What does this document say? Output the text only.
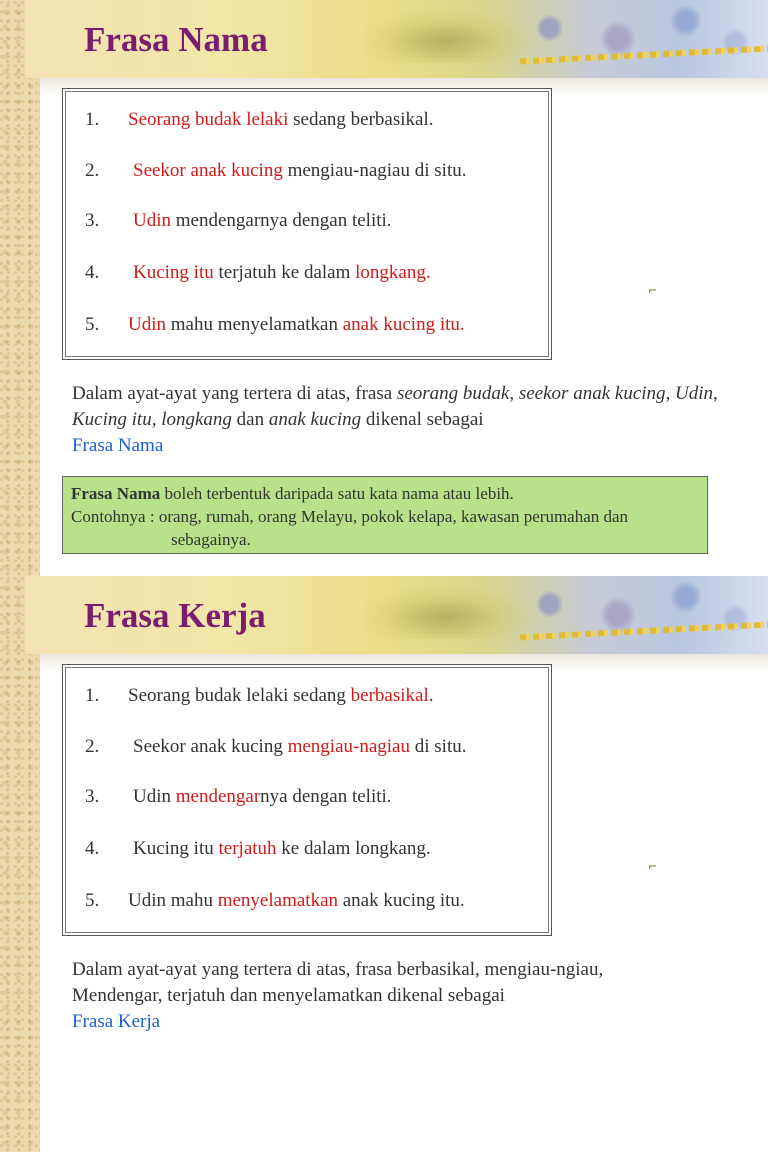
Frasa Nama
1. Seorang budak lelaki sedang berbasikal.
2. Seekor anak kucing mengiau-nagiau di situ.
3. Udin mendengarnya dengan teliti.
4. Kucing itu terjatuh ke dalam longkang.
5. Udin mahu menyelamatkan anak kucing itu.
⌐

Dalam ayat-ayat yang tertera di atas, frasa seorang budak, seekor anak kucing, Udin, Kucing itu, longkang dan anak kucing dikenal sebagai
Frasa Nama

Frasa Nama boleh terbentuk daripada satu kata nama atau lebih.
Contohnya : orang, rumah, orang Melayu, pokok kelapa, kawasan perumahan dan
sebagainya.
Frasa Kerja
1. Seorang budak lelaki sedang berbasikal.
2. Seekor anak kucing mengiau-nagiau di situ.
3. Udin mendengarnya dengan teliti.
4. Kucing itu terjatuh ke dalam longkang.
5. Udin mahu menyelamatkan anak kucing itu.
⌐

Dalam ayat-ayat yang tertera di atas, frasa berbasikal, mengiau-ngiau,
Mendengar, terjatuh dan menyelamatkan dikenal sebagai
Frasa Kerja
